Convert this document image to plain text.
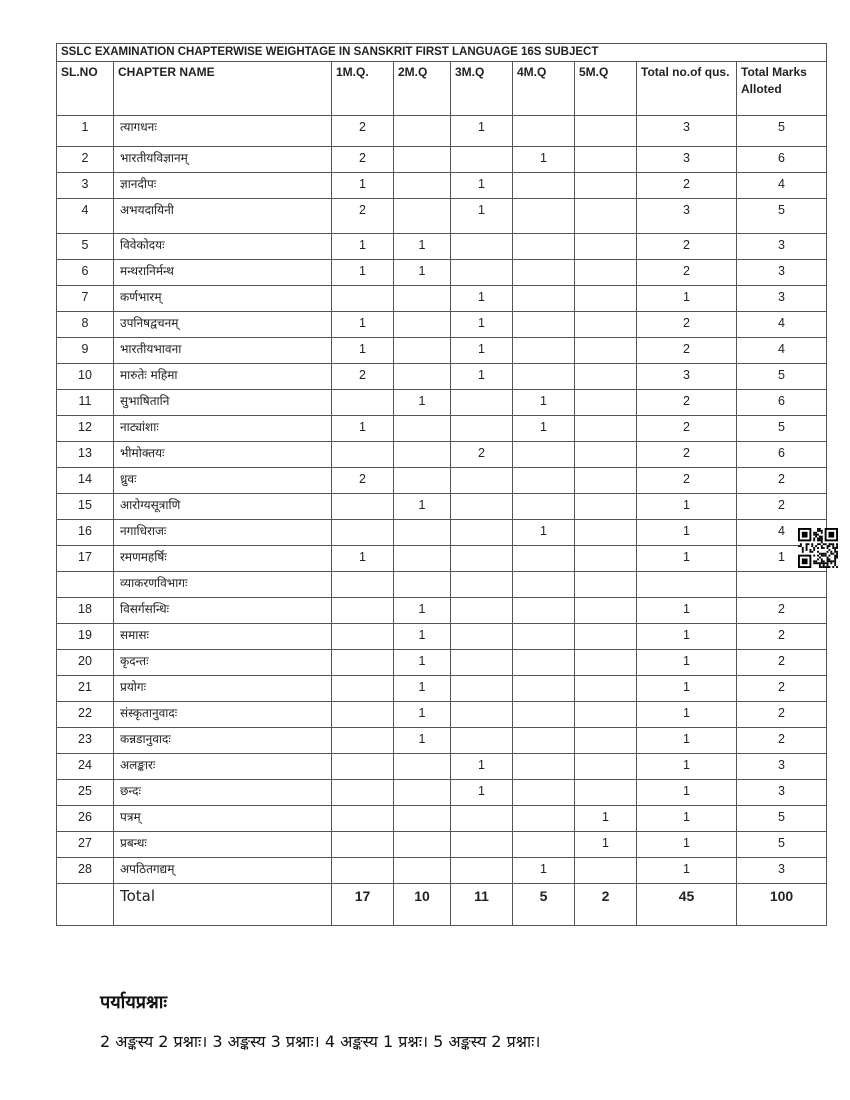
SSLC EXAMINATION CHAPTERWISE WEIGHTAGE IN SANSKRIT FIRST LANGUAGE 16S SUBJECT								
SL.NO	CHAPTER NAME	1M.Q.	2M.Q	3M.Q	4M.Q	5M.Q	Total no.of qus.	Total Marks Alloted
1	त्यागधनः	2		1			3	5
2	भारतीयविज्ञानम्	2			1		3	6
3	ज्ञानदीपः	1		1			2	4
4	अभयदायिनी	2		1			3	5
5	विवेकोदयः	1	1				2	3
6	मन्थरानिर्मन्थ	1	1				2	3
7	कर्णभारम्			1			1	3
8	उपनिषद्वचनम्	1		1			2	4
9	भारतीयभावना	1		1			2	4
10	मारुतेः महिमा	2		1			3	5
11	सुभाषितानि		1		1		2	6
12	नाट्यांशाः	1			1		2	5
13	भीमोक्तयः			2			2	6
14	ध्रुवः	2					2	2
15	आरोग्यसूत्राणि		1				1	2
16	नगाधिराजः				1		1	4
17	रमणमहर्षिः	1					1	1
	व्याकरणविभागः							
18	विसर्गसन्धिः		1				1	2
19	समासः		1				1	2
20	कृदन्तः		1				1	2
21	प्रयोगः		1				1	2
22	संस्कृतानुवादः		1				1	2
23	कन्नडानुवादः		1				1	2
24	अलङ्कारः			1			1	3
25	छन्दः			1			1	3
26	पत्रम्					1	1	5
27	प्रबन्धः					1	1	5
28	अपठितगद्यम्				1		1	3
	Total	17	10	11	5	2	45	100
पर्यायप्रश्नाः

2 अङ्कस्य 2 प्रश्नाः। 3 अङ्कस्य 3 प्रश्नाः। 4 अङ्कस्य 1 प्रश्नः। 5 अङ्कस्य 2 प्रश्नाः।
